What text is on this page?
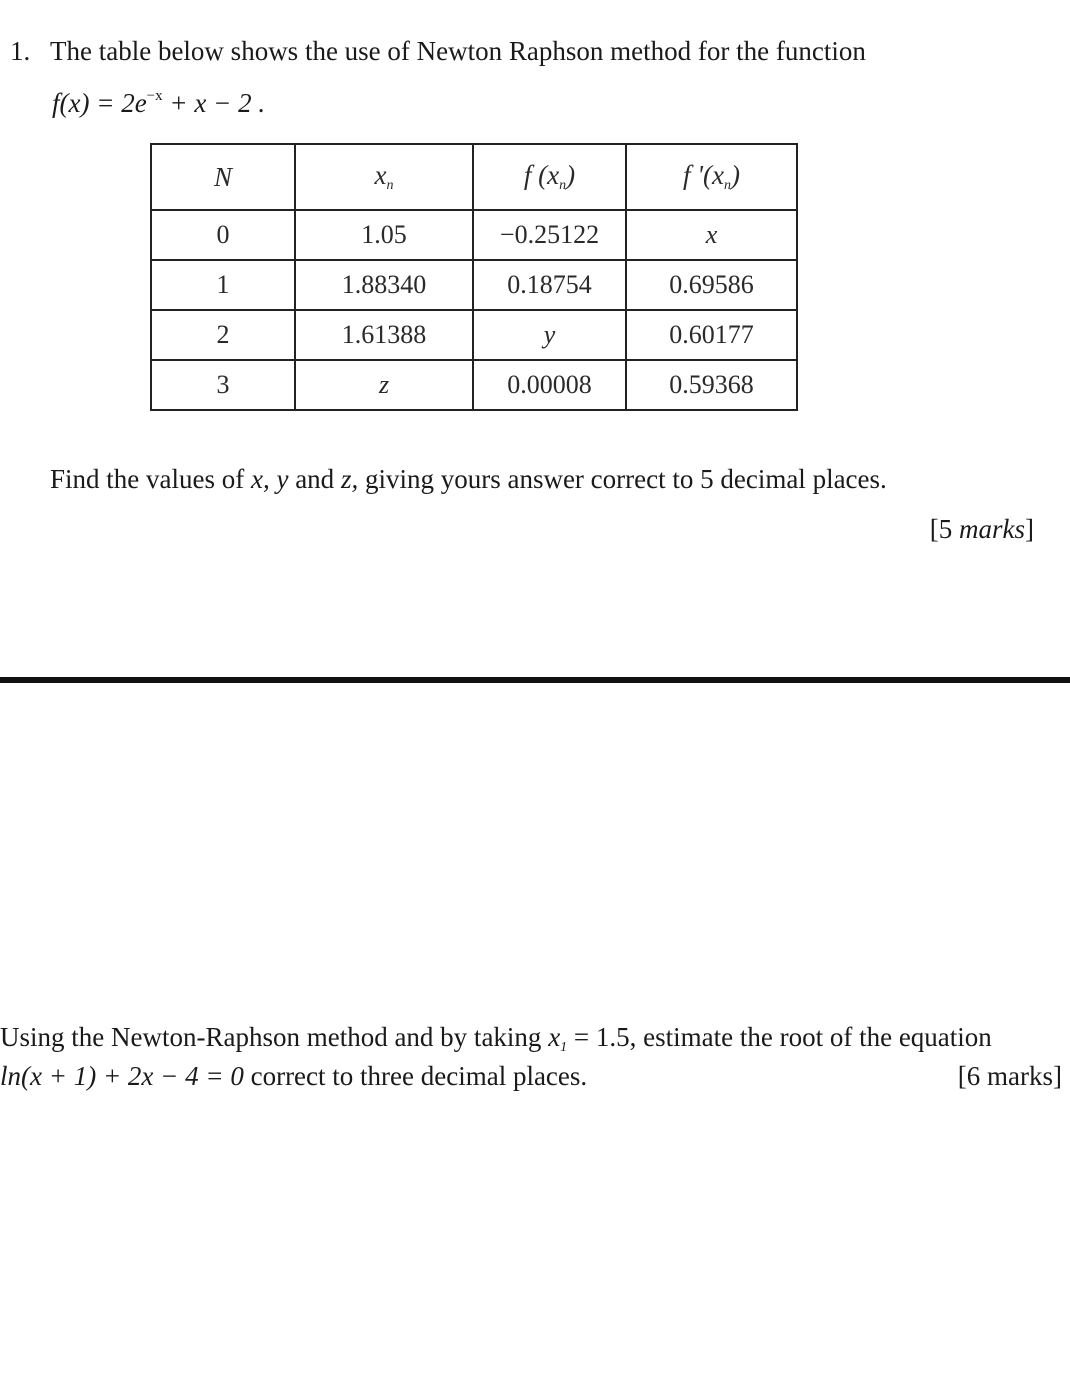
1. The table below shows the use of Newton Raphson method for the function
$f(x) = 2e^{-x} + x - 2$ .
N	$x_n$	f $(x_n)$	f '$(x_n)$
0	1.05	−0.25122	x
1	1.88340	0.18754	0.69586
2	1.61388	y	0.60177
3	z	0.00008	0.59368
Find the values of x, y and z, giving yours answer correct to 5 decimal places.
[5 marks]
Using the Newton-Raphson method and by taking $x_1 = 1.5$, estimate the root of the equation
ln(x + 1) + 2x − 4 = 0 correct to three decimal places.	[6 marks]
